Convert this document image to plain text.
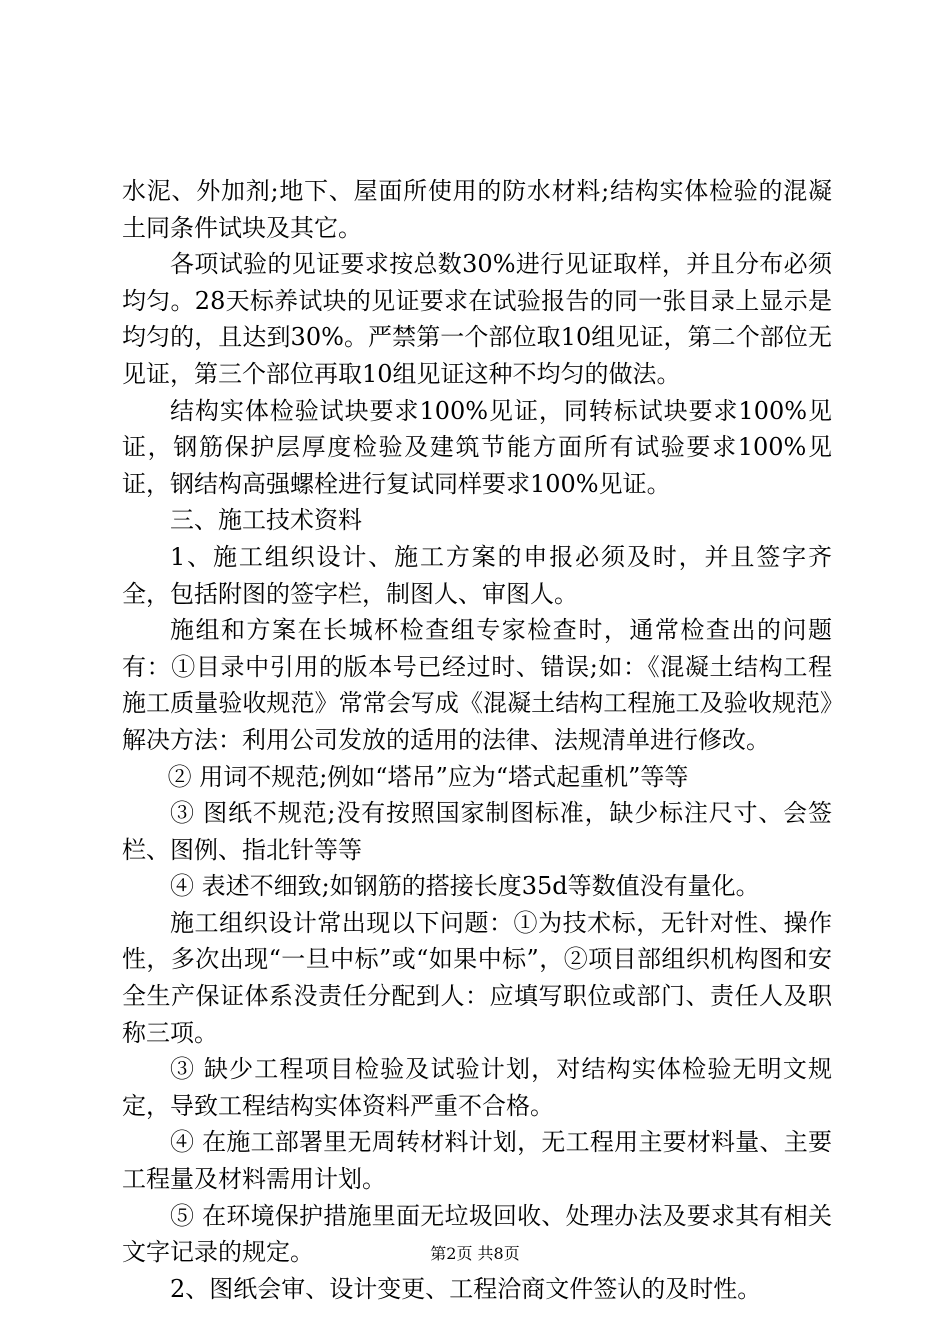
水泥、外加剂;地下、屋面所使用的防水材料;结构实体检验的混凝土同条件试块及其它。

各项试验的见证要求按总数30%进行见证取样，并且分布必须均匀。28天标养试块的见证要求在试验报告的同一张目录上显示是均匀的，且达到30%。严禁第一个部位取10组见证，第二个部位无见证，第三个部位再取10组见证这种不均匀的做法。

结构实体检验试块要求100%见证，同转标试块要求100%见证，钢筋保护层厚度检验及建筑节能方面所有试验要求100%见证，钢结构高强螺栓进行复试同样要求100%见证。

三、施工技术资料

1、施工组织设计、施工方案的申报必须及时，并且签字齐全，包括附图的签字栏，制图人、审图人。

施组和方案在长城杯检查组专家检查时，通常检查出的问题有：①目录中引用的版本号已经过时、错误;如：《混凝土结构工程施工质量验收规范》常常会写成《混凝土结构工程施工及验收规范》解决方法：利用公司发放的适用的法律、法规清单进行修改。

② 用词不规范;例如“塔吊”应为“塔式起重机”等等

③ 图纸不规范;没有按照国家制图标准，缺少标注尺寸、会签栏、图例、指北针等等

④ 表述不细致;如钢筋的搭接长度35d等数值没有量化。

施工组织设计常出现以下问题：①为技术标，无针对性、操作性，多次出现“一旦中标”或“如果中标”，②项目部组织机构图和安全生产保证体系没责任分配到人：应填写职位或部门、责任人及职称三项。

③ 缺少工程项目检验及试验计划，对结构实体检验无明文规定，导致工程结构实体资料严重不合格。

④ 在施工部署里无周转材料计划，无工程用主要材料量、主要工程量及材料需用计划。

⑤ 在环境保护措施里面无垃圾回收、处理办法及要求其有相关文字记录的规定。

2、图纸会审、设计变更、工程洽商文件签认的及时性。

第2页 共8页
